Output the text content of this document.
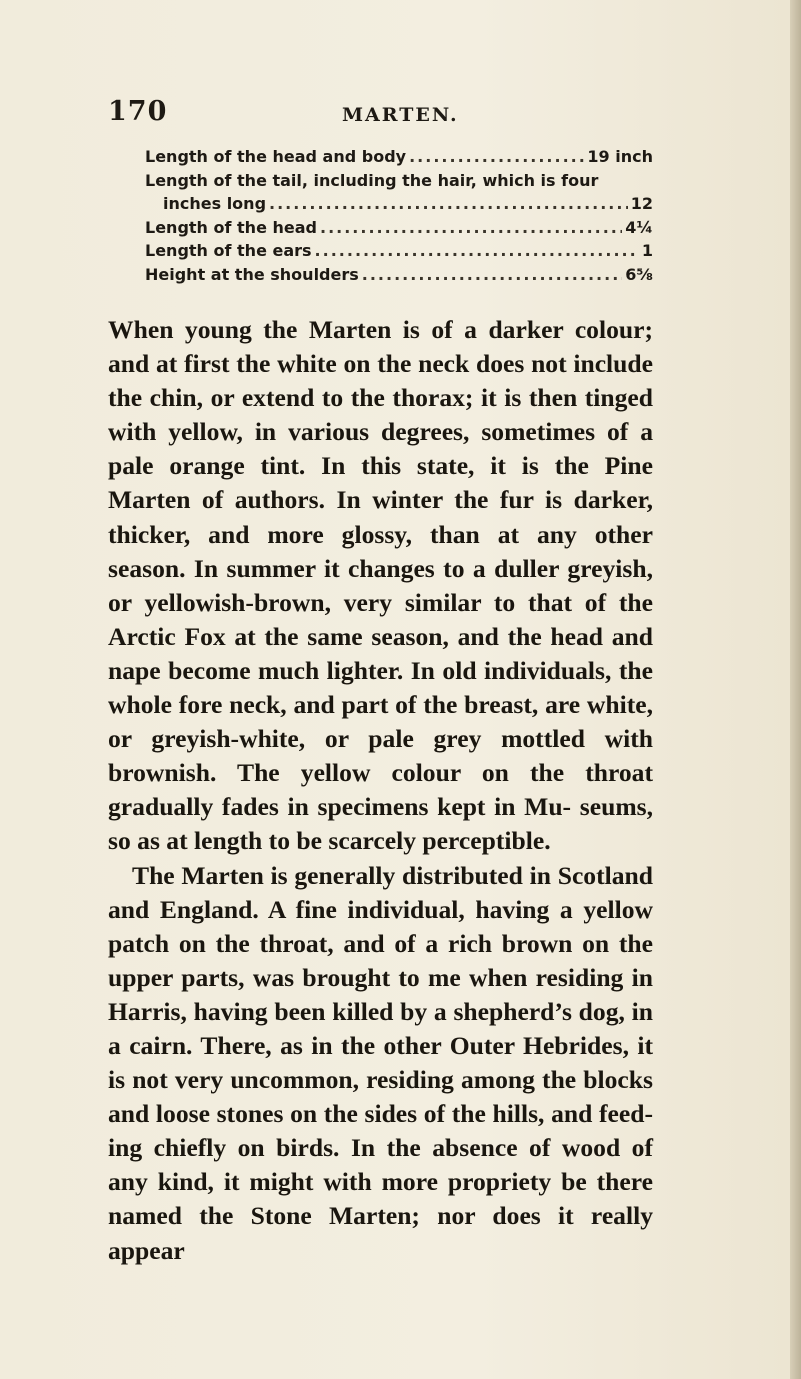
170	MARTEN.
Length of the head and body .....	19 inch
Length of the tail, including the hair, which is four
inches long .....	12
Length of the head .....	4¼
Length of the ears .....	1
Height at the shoulders .....	6⅝

When young the Marten is of a darker colour; and at first the white on the neck does not include the chin, or extend to the thorax; it is then tinged with yellow, in various degrees, sometimes of a pale orange tint. In this state, it is the Pine Marten of authors. In winter the fur is darker, thicker, and more glossy, than at any other season. In summer it changes to a duller greyish, or yellowish-brown, very similar to that of the Arctic Fox at the same season, and the head and nape become much lighter. In old individuals, the whole fore neck, and part of the breast, are white, or greyish-white, or pale grey mottled with brownish. The yellow colour on the throat gradually fades in specimens kept in Mu- seums, so as at length to be scarcely perceptible.

The Marten is generally distributed in Scotland and England. A fine individual, having a yellow patch on the throat, and of a rich brown on the upper parts, was brought to me when residing in Harris, having been killed by a shepherd’s dog, in a cairn. There, as in the other Outer Hebrides, it is not very uncommon, residing among the blocks and loose stones on the sides of the hills, and feed- ing chiefly on birds. In the absence of wood of any kind, it might with more propriety be there named the Stone Marten; nor does it really appear
